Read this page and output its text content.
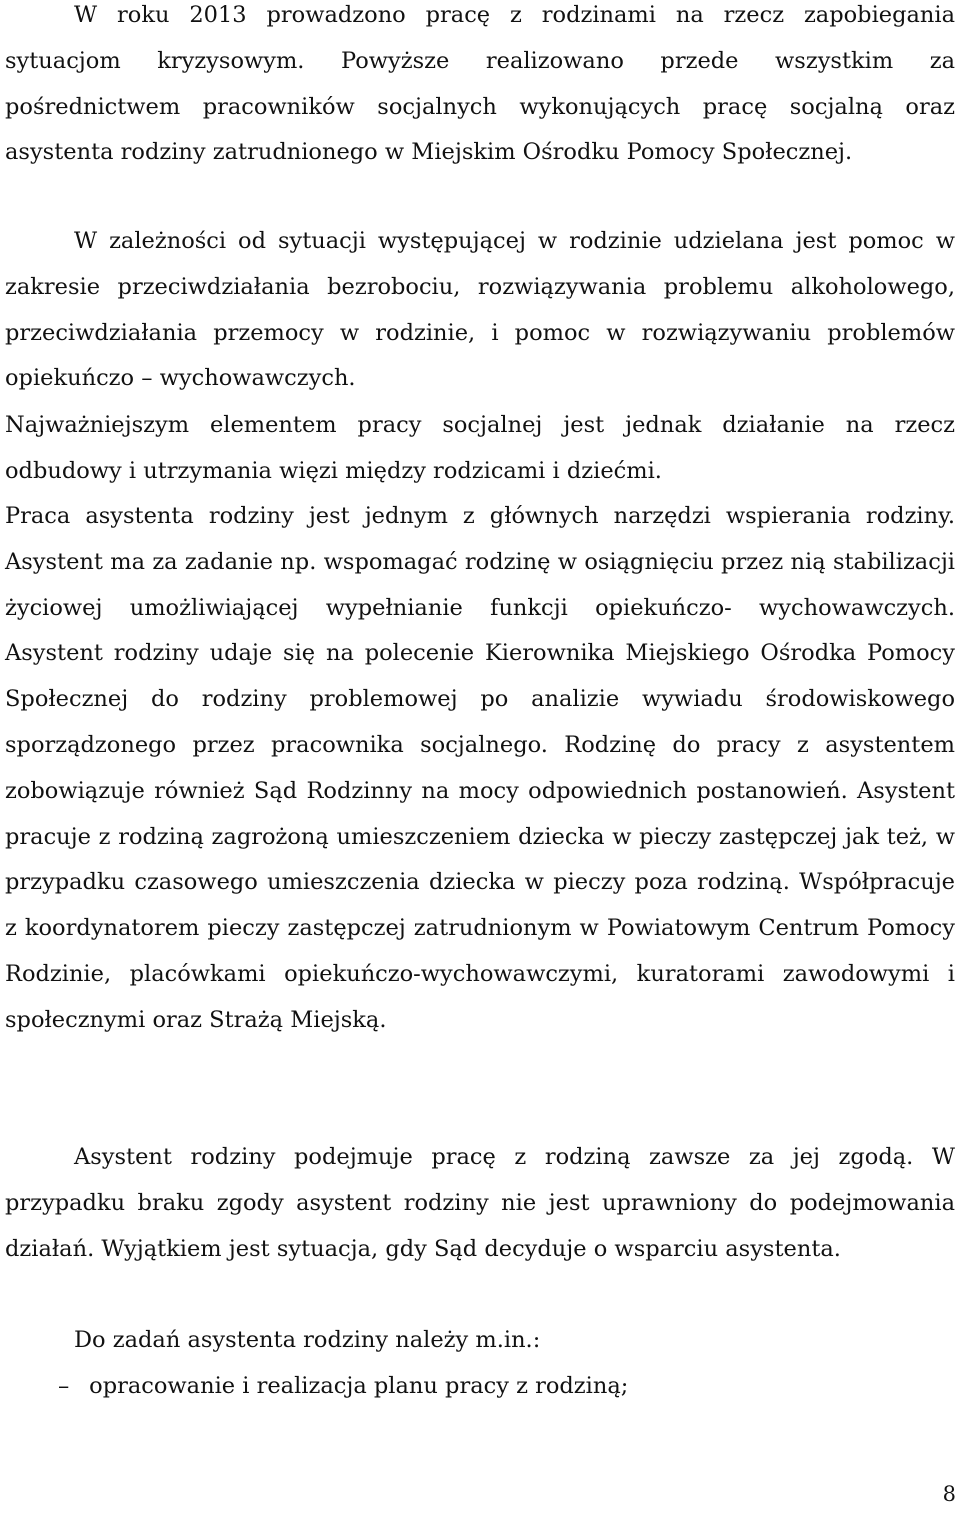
W roku 2013 prowadzono pracę z rodzinami na rzecz zapobiegania sytuacjom kryzysowym. Powyższe realizowano przede wszystkim za pośrednictwem pracowników socjalnych wykonujących pracę socjalną oraz asystenta rodziny zatrudnionego w Miejskim Ośrodku Pomocy Społecznej.

W zależności od sytuacji występującej w rodzinie udzielana jest pomoc w zakresie przeciwdziałania bezrobociu, rozwiązywania problemu alkoholowego, przeciwdziałania przemocy w rodzinie, i pomoc w rozwiązywaniu problemów opiekuńczo – wychowawczych.

Najważniejszym elementem pracy socjalnej jest jednak działanie na rzecz odbudowy i utrzymania więzi między rodzicami i dziećmi.

Praca asystenta rodziny jest jednym z głównych narzędzi wspierania rodziny. Asystent ma za zadanie np. wspomagać rodzinę w osiągnięciu przez nią stabilizacji życiowej umożliwiającej wypełnianie funkcji opiekuńczo- wychowawczych. Asystent rodziny udaje się na polecenie Kierownika Miejskiego Ośrodka Pomocy Społecznej do rodziny problemowej po analizie wywiadu środowiskowego sporządzonego przez pracownika socjalnego. Rodzinę do pracy z asystentem zobowiązuje również Sąd Rodzinny na mocy odpowiednich postanowień. Asystent pracuje z rodziną zagrożoną umieszczeniem dziecka w pieczy zastępczej jak też, w przypadku czasowego umieszczenia dziecka w pieczy poza rodziną. Współpracuje z koordynatorem pieczy zastępczej zatrudnionym w Powiatowym Centrum Pomocy Rodzinie, placówkami opiekuńczo-wychowawczymi, kuratorami zawodowymi i społecznymi oraz Strażą Miejską.

Asystent rodziny podejmuje pracę z rodziną zawsze za jej zgodą. W przypadku braku zgody asystent rodziny nie jest uprawniony do podejmowania działań. Wyjątkiem jest sytuacja, gdy Sąd decyduje o wsparciu asystenta.

Do zadań asystenta rodziny należy m.in.:

– opracowanie i realizacja planu pracy z rodziną;

8
